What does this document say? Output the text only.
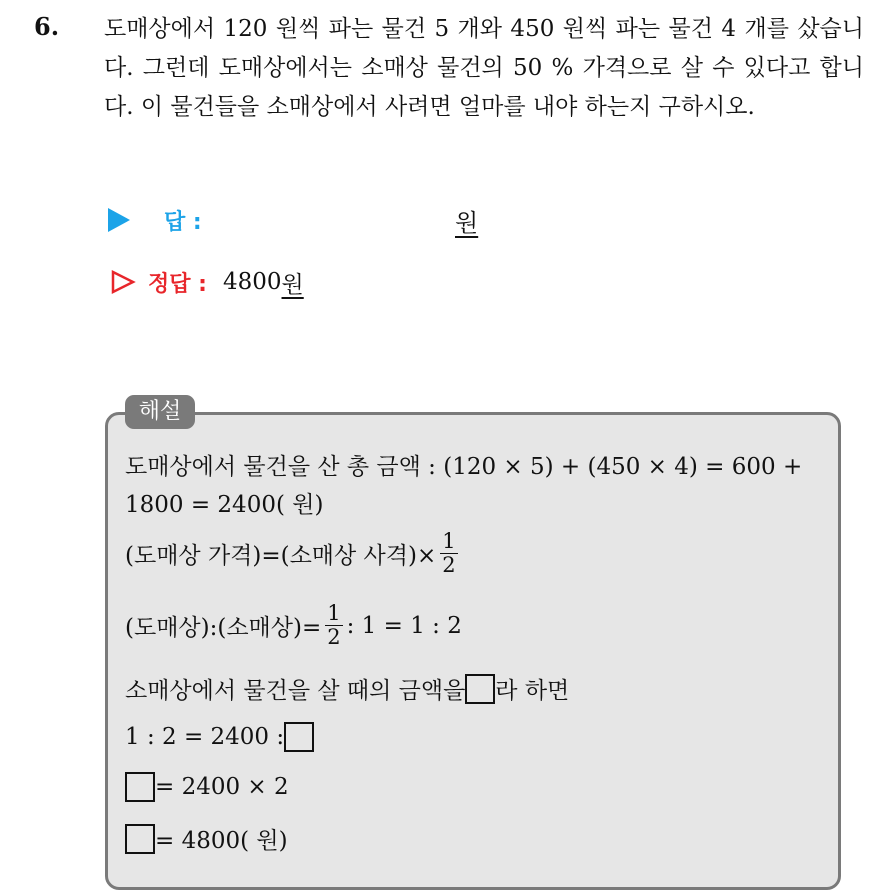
6. 도매상에서 120 원씩 파는 물건 5 개와 450 원씩 파는 물건 4 개를 샀습니다. 그런데 도매상에서는 소매상 물건의 50 % 가격으로 살 수 있다고 합니다. 이 물건들을 소매상에서 사려면 얼마를 내야 하는지 구하시오.
답 :	원
정답 : 4800 원
해설
도매상에서 물건을 산 총 금액 : (120 × 5) + (450 × 4) = 600 +
1800 = 2400( 원)
(도매상 가격)=(소매상 사격)× $\frac{1}{2}$
(도매상):(소매상)= $\frac{1}{2}$ : 1 = 1 : 2
소매상에서 물건을 살 때의 금액을 라 하면
1 : 2 = 2400 :
= 2400 × 2
= 4800( 원)
